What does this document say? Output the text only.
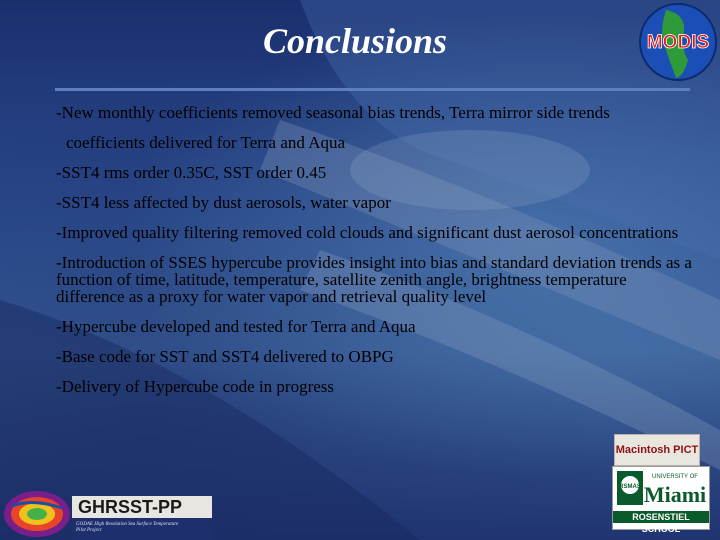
Conclusions	MODIS

-New monthly coefficients removed seasonal bias trends, Terra mirror side trends

coefficients delivered for Terra and Aqua

-SST4 rms order 0.35C, SST order 0.45

-SST4 less affected by dust aerosols, water vapor

-Improved quality filtering removed cold clouds and significant dust aerosol concentrations

-Introduction of SSES hypercube provides insight into bias and standard deviation trends as a function of time, latitude, temperature, satellite zenith angle, brightness temperature difference as a proxy for water vapor and retrieval quality level

-Hypercube developed and tested for Terra and Aqua

-Base code for SST and SST4 delivered to OBPG

-Delivery of Hypercube code in progress

Macintosh PICT
RSMAS
UNIVERSITY OF
Miami
ROSENSTIEL SCHOOL
GHRSST-PP
GODAE High Resolution Sea Surface Temperature
Pilot Project
